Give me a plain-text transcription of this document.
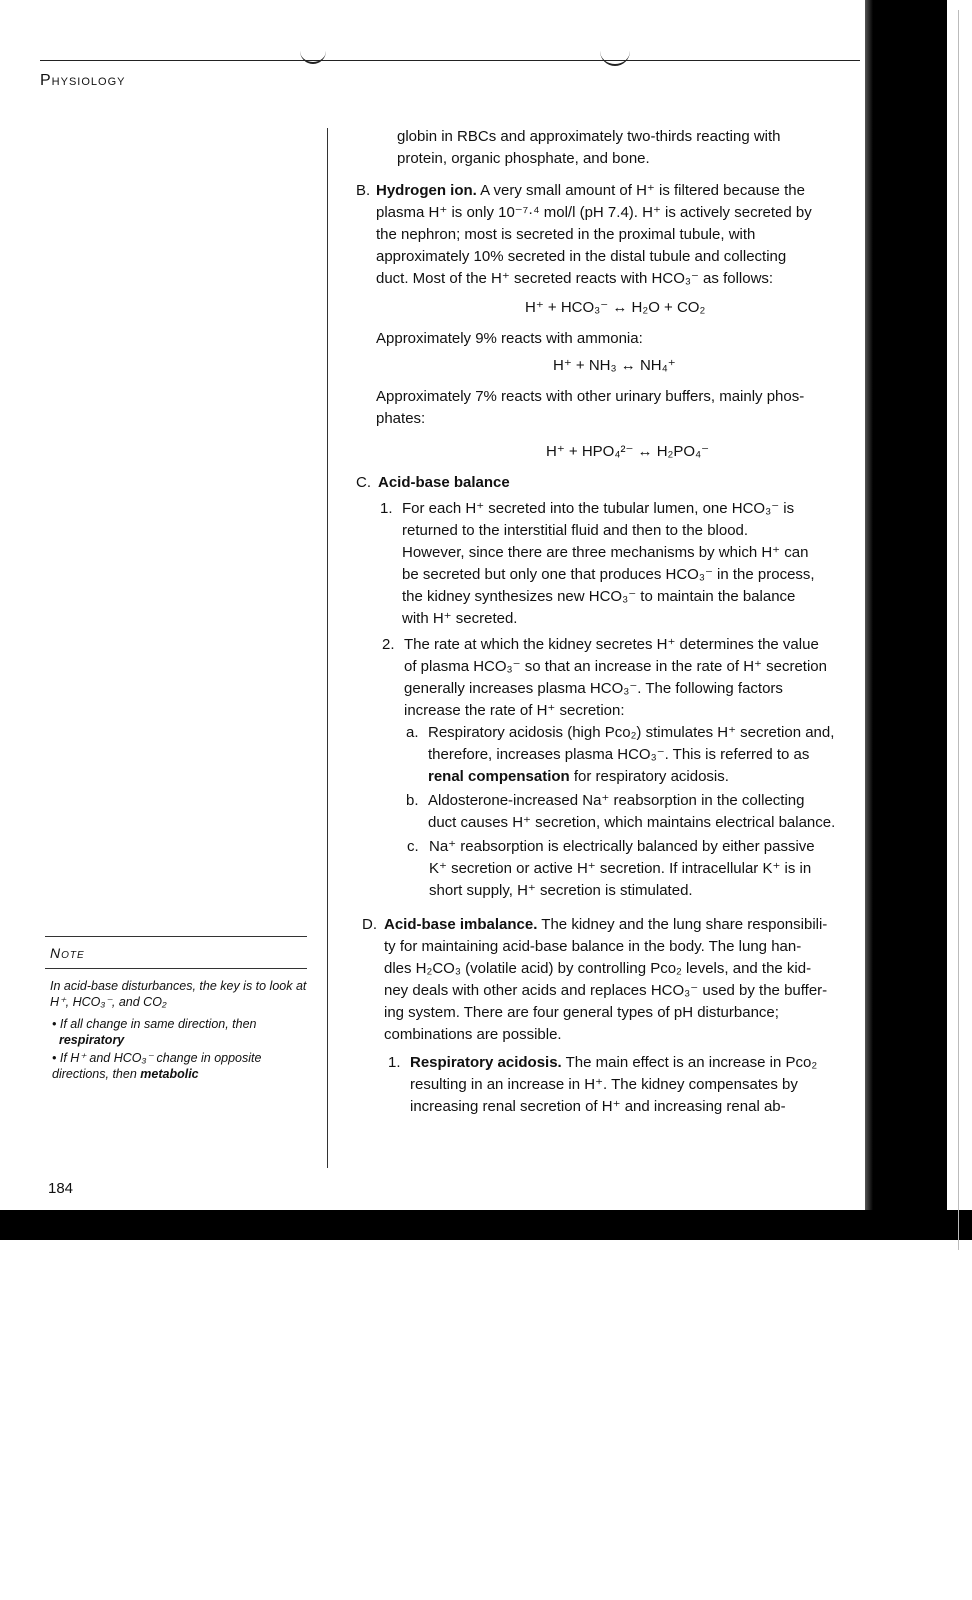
Physiology
globin in RBCs and approximately two-thirds reacting with
protein, organic phosphate, and bone.
B. Hydrogen ion. A very small amount of H⁺ is filtered because the
plasma H⁺ is only 10⁻⁷·⁴ mol/l (pH 7.4). H⁺ is actively secreted by
the nephron; most is secreted in the proximal tubule, with
approximately 10% secreted in the distal tubule and collecting
duct. Most of the H⁺ secreted reacts with HCO₃⁻ as follows:
H⁺ + HCO₃⁻ ↔ H₂O + CO₂
Approximately 9% reacts with ammonia:
H⁺ + NH₃ ↔ NH₄⁺
Approximately 7% reacts with other urinary buffers, mainly phos-
phates:
H⁺ + HPO₄²⁻ ↔ H₂PO₄⁻
C. Acid-base balance
1. For each H⁺ secreted into the tubular lumen, one HCO₃⁻ is
returned to the interstitial fluid and then to the blood.
However, since there are three mechanisms by which H⁺ can
be secreted but only one that produces HCO₃⁻ in the process,
the kidney synthesizes new HCO₃⁻ to maintain the balance
with H⁺ secreted.
2. The rate at which the kidney secretes H⁺ determines the value
of plasma HCO₃⁻ so that an increase in the rate of H⁺ secretion
generally increases plasma HCO₃⁻. The following factors
increase the rate of H⁺ secretion:
a. Respiratory acidosis (high Pco₂) stimulates H⁺ secretion and,
therefore, increases plasma HCO₃⁻. This is referred to as
renal compensation for respiratory acidosis.
b. Aldosterone-increased Na⁺ reabsorption in the collecting
duct causes H⁺ secretion, which maintains electrical balance.
c. Na⁺ reabsorption is electrically balanced by either passive
K⁺ secretion or active H⁺ secretion. If intracellular K⁺ is in
short supply, H⁺ secretion is stimulated.
D. Acid-base imbalance. The kidney and the lung share responsibili-
ty for maintaining acid-base balance in the body. The lung han-
dles H₂CO₃ (volatile acid) by controlling Pco₂ levels, and the kid-
ney deals with other acids and replaces HCO₃⁻ used by the buffer-
ing system. There are four general types of pH disturbance;
combinations are possible.
1. Respiratory acidosis. The main effect is an increase in Pco₂
resulting in an increase in H⁺. The kidney compensates by
increasing renal secretion of H⁺ and increasing renal ab-
Note
In acid-base disturbances, the key is to look at H⁺, HCO₃⁻, and CO₂
• If all change in same direction, then
respiratory
• If H⁺ and HCO₃⁻ change in opposite directions, then metabolic
184
